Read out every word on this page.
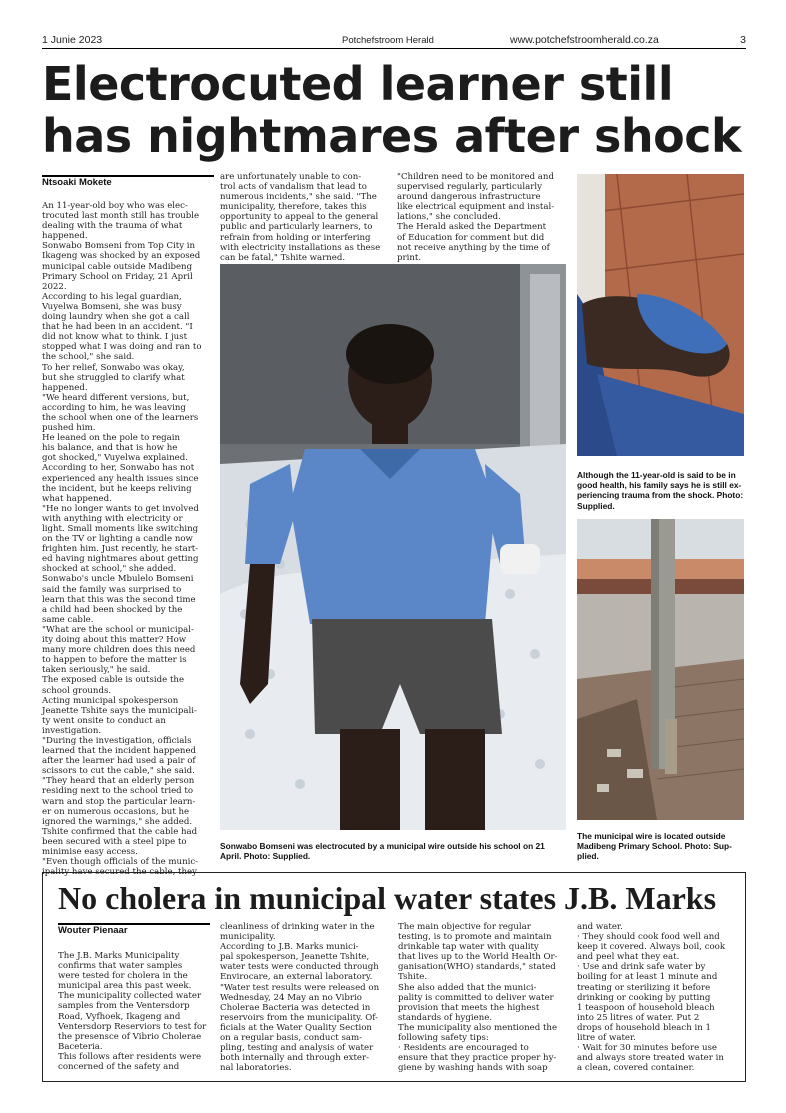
1 Junie 2023	Potchefstroom Herald	www.potchefstroomherald.co.za	3
Electrocuted learner still has nightmares after shock
Ntsoaki Mokete

An 11-year-old boy who was elec-
trocuted last month still has trouble
dealing with the trauma of what
happened.
Sonwabo Bomseni from Top City in
Ikageng was shocked by an exposed
municipal cable outside Madibeng
Primary School on Friday, 21 April
2022.
According to his legal guardian,
Vuyelwa Bomseni, she was busy
doing laundry when she got a call
that he had been in an accident. "I
did not know what to think. I just
stopped what I was doing and ran to
the school," she said.
To her relief, Sonwabo was okay,
but she struggled to clarify what
happened.
"We heard different versions, but,
according to him, he was leaving
the school when one of the learners
pushed him.
He leaned on the pole to regain
his balance, and that is how he
got shocked," Vuyelwa explained.
According to her, Sonwabo has not
experienced any health issues since
the incident, but he keeps reliving
what happened.
"He no longer wants to get involved
with anything with electricity or
light. Small moments like switching
on the TV or lighting a candle now
frighten him. Just recently, he start-
ed having nightmares about getting
shocked at school," she added.
Sonwabo's uncle Mbulelo Bomseni
said the family was surprised to
learn that this was the second time
a child had been shocked by the
same cable.
"What are the school or municipal-
ity doing about this matter? How
many more children does this need
to happen to before the matter is
taken seriously," he said.
The exposed cable is outside the
school grounds.
Acting municipal spokesperson
Jeanette Tshite says the municipali-
ty went onsite to conduct an
investigation.
"During the investigation, officials
learned that the incident happened
after the learner had used a pair of
scissors to cut the cable," she said.
"They heard that an elderly person
residing next to the school tried to
warn and stop the particular learn-
er on numerous occasions, but he
ignored the warnings," she added.
Tshite confirmed that the cable had
been secured with a steel pipe to
minimise easy access.
"Even though officials of the munic-
ipality have secured the cable, they

are unfortunately unable to con-
trol acts of vandalism that lead to
numerous incidents," she said. "The
municipality, therefore, takes this
opportunity to appeal to the general
public and particularly learners, to
refrain from holding or interfering
with electricity installations as these
can be fatal," Tshite warned.

"Children need to be monitored and
supervised regularly, particularly
around dangerous infrastructure
like electrical equipment and instal-
lations," she concluded.
The Herald asked the Department
of Education for comment but did
not receive anything by the time of
print.

Sonwabo Bomseni was electrocuted by a municipal wire outside his school on 21 April. Photo: Supplied.
Although the 11-year-old is said to be in good health, his family says he is still ex- periencing trauma from the shock. Photo: Supplied.
The municipal wire is located outside Madibeng Primary School. Photo: Sup- plied.
No cholera in municipal water states J.B. Marks
Wouter Pienaar

The J.B. Marks Municipality
confirms that water samples
were tested for cholera in the
municipal area this past week.
The municipality collected water
samples from the Ventersdorp
Road, Vyfhoek, Ikageng and
Ventersdorp Reserviors to test for
the presensce of Vibrio Cholerae
Baceteria.
This follows after residents were
concerned of the safety and

cleanliness of drinking water in the
municipality.
According to J.B. Marks munici-
pal spokesperson, Jeanette Tshite,
water tests were conducted through
Envirocare, an external laboratory.
"Water test results were released on
Wednesday, 24 May an no Vibrio
Cholerae Bacteria was detected in
reservoirs from the municipality. Of-
ficials at the Water Quality Section
on a regular basis, conduct sam-
pling, testing and analysis of water
both internally and through exter-
nal laboratories.

The main objective for regular
testing, is to promote and maintain
drinkable tap water with quality
that lives up to the World Health Or-
ganisation(WHO) standards," stated
Tshite.
She also added that the munici-
pality is committed to deliver water
provision that meets the highest
standards of hygiene.
The municipality also mentioned the
following safety tips:
· Residents are encouraged to
ensure that they practice proper hy-
giene by washing hands with soap

and water.
· They should cook food well and
keep it covered. Always boil, cook
and peel what they eat.
· Use and drink safe water by
boiling for at least 1 minute and
treating or sterilizing it before
drinking or cooking by putting
1 teaspoon of household bleach
into 25 litres of water. Put 2
drops of household bleach in 1
litre of water.
· Wait for 30 minutes before use
and always store treated water in
a clean, covered container.
